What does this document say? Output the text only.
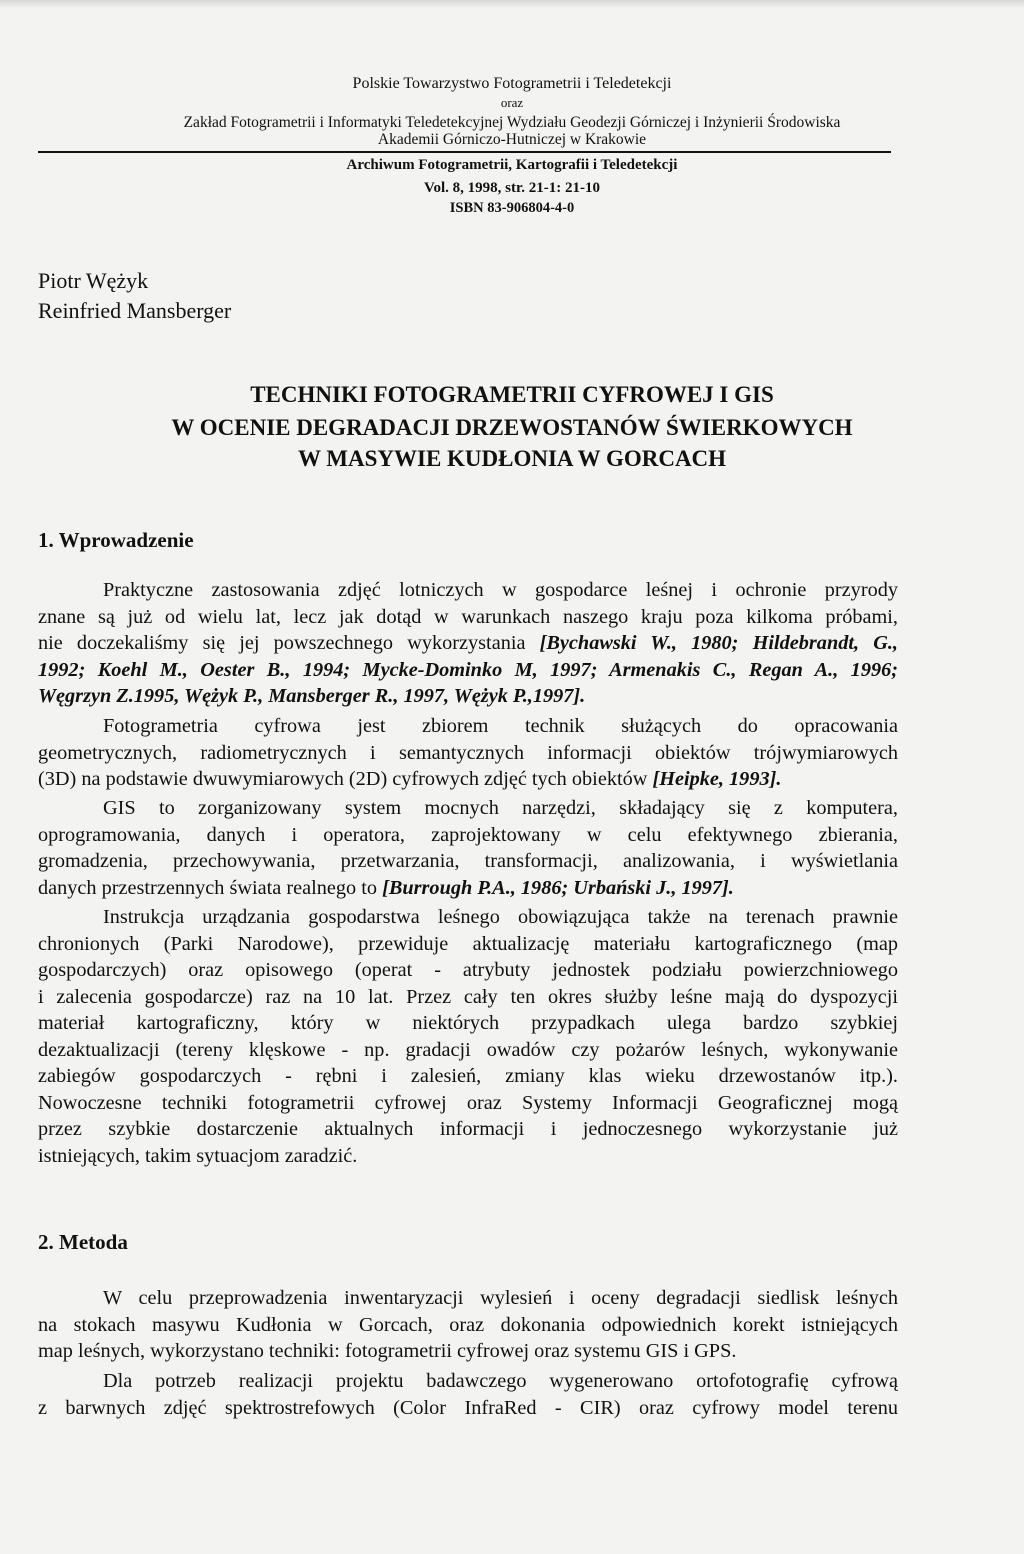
Polskie Towarzystwo Fotogrametrii i Teledetekcji
oraz
Zakład Fotogrametrii i Informatyki Teledetekcyjnej Wydziału Geodezji Górniczej i Inżynierii Środowiska
Akademii Górniczo-Hutniczej w Krakowie
Archiwum Fotogrametrii, Kartografii i Teledetekcji
Vol. 8, 1998, str. 21-1: 21-10
ISBN 83-906804-4-0
Piotr Wężyk
Reinfried Mansberger
TECHNIKI FOTOGRAMETRII CYFROWEJ I GIS
W OCENIE DEGRADACJI DRZEWOSTANÓW ŚWIERKOWYCH
W MASYWIE KUDŁONIA W GORCACH
1. Wprowadzenie
Praktyczne zastosowania zdjęć lotniczych w gospodarce leśnej i ochronie przyrody
znane są już od wielu lat, lecz jak dotąd w warunkach naszego kraju poza kilkoma próbami,
nie doczekaliśmy się jej powszechnego wykorzystania [Bychawski W., 1980; Hildebrandt, G.,
1992; Koehl M., Oester B., 1994; Mycke-Dominko M, 1997; Armenakis C., Regan A., 1996;
Węgrzyn Z.1995, Wężyk P., Mansberger R., 1997, Wężyk P.,1997].
Fotogrametria cyfrowa jest zbiorem technik służących do opracowania
geometrycznych, radiometrycznych i semantycznych informacji obiektów trójwymiarowych
(3D) na podstawie dwuwymiarowych (2D) cyfrowych zdjęć tych obiektów [Heipke, 1993].
GIS to zorganizowany system mocnych narzędzi, składający się z komputera,
oprogramowania, danych i operatora, zaprojektowany w celu efektywnego zbierania,
gromadzenia, przechowywania, przetwarzania, transformacji, analizowania, i wyświetlania
danych przestrzennych świata realnego to [Burrough P.A., 1986; Urbański J., 1997].
Instrukcja urządzania gospodarstwa leśnego obowiązująca także na terenach prawnie
chronionych (Parki Narodowe), przewiduje aktualizację materiału kartograficznego (map
gospodarczych) oraz opisowego (operat - atrybuty jednostek podziału powierzchniowego
i zalecenia gospodarcze) raz na 10 lat. Przez cały ten okres służby leśne mają do dyspozycji
materiał kartograficzny, który w niektórych przypadkach ulega bardzo szybkiej
dezaktualizacji (tereny klęskowe - np. gradacji owadów czy pożarów leśnych, wykonywanie
zabiegów gospodarczych - rębni i zalesień, zmiany klas wieku drzewostanów itp.).
Nowoczesne techniki fotogrametrii cyfrowej oraz Systemy Informacji Geograficznej mogą
przez szybkie dostarczenie aktualnych informacji i jednoczesnego wykorzystanie już
istniejących, takim sytuacjom zaradzić.
2. Metoda
W celu przeprowadzenia inwentaryzacji wylesień i oceny degradacji siedlisk leśnych
na stokach masywu Kudłonia w Gorcach, oraz dokonania odpowiednich korekt istniejących
map leśnych, wykorzystano techniki: fotogrametrii cyfrowej oraz systemu GIS i GPS.
Dla potrzeb realizacji projektu badawczego wygenerowano ortofotografię cyfrową
z barwnych zdjęć spektrostrefowych (Color InfraRed - CIR) oraz cyfrowy model terenu
